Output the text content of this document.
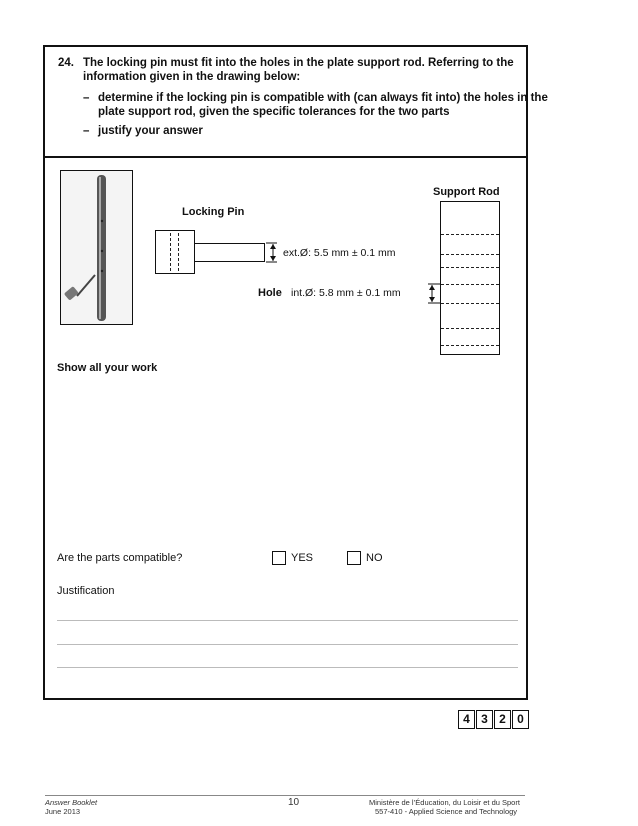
24. The locking pin must fit into the holes in the plate support rod. Referring to the
information given in the drawing below:
– determine if the locking pin is compatible with (can always fit into) the holes in the
plate support rod, given the specific tolerances for the two parts
– justify your answer
Locking Pin
ext.Ø: 5.5 mm ± 0.1 mm
Hole int.Ø: 5.8 mm ± 0.1 mm
Support Rod
Show all your work
Are the parts compatible?	YES	NO
Justification
4 3 2 0
Answer Booklet
June 2013
10	Ministère de l’Éducation, du Loisir et du Sport
557-410 - Applied Science and Technology
